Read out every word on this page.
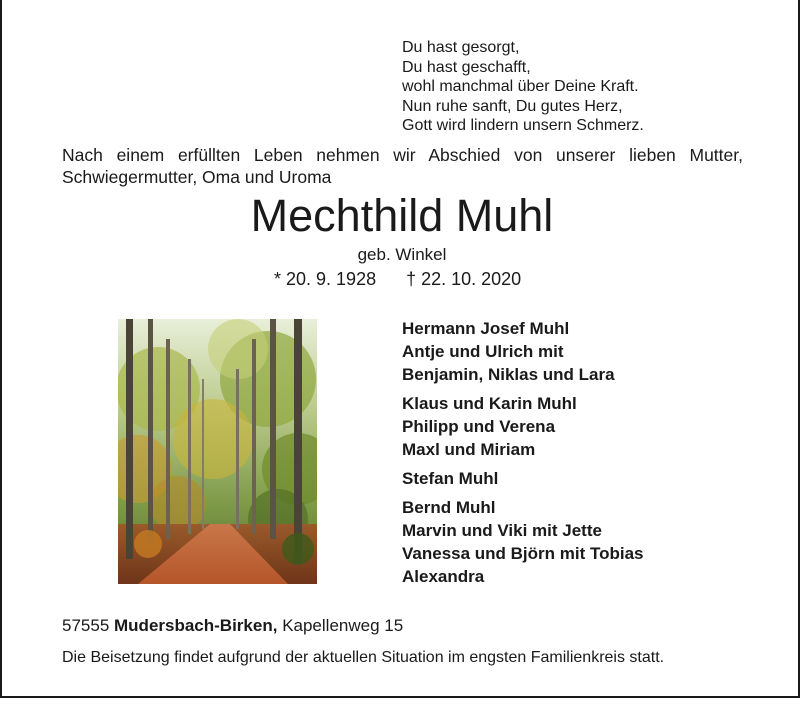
Du hast gesorgt,
Du hast geschafft,
wohl manchmal über Deine Kraft.
Nun ruhe sanft, Du gutes Herz,
Gott wird lindern unsern Schmerz.
Nach einem erfüllten Leben nehmen wir Abschied von unserer lieben Mutter,
Schwiegermutter, Oma und Uroma
Mechthild Muhl
geb. Winkel
* 20. 9. 1928 † 22. 10. 2020
Hermann Josef Muhl
Antje und Ulrich mit
Benjamin, Niklas und Lara
Klaus und Karin Muhl
Philipp und Verena
Maxl und Miriam
Stefan Muhl
Bernd Muhl
Marvin und Viki mit Jette
Vanessa und Björn mit Tobias
Alexandra
57555 Mudersbach-Birken, Kapellenweg 15
Die Beisetzung findet aufgrund der aktuellen Situation im engsten Familienkreis statt.
